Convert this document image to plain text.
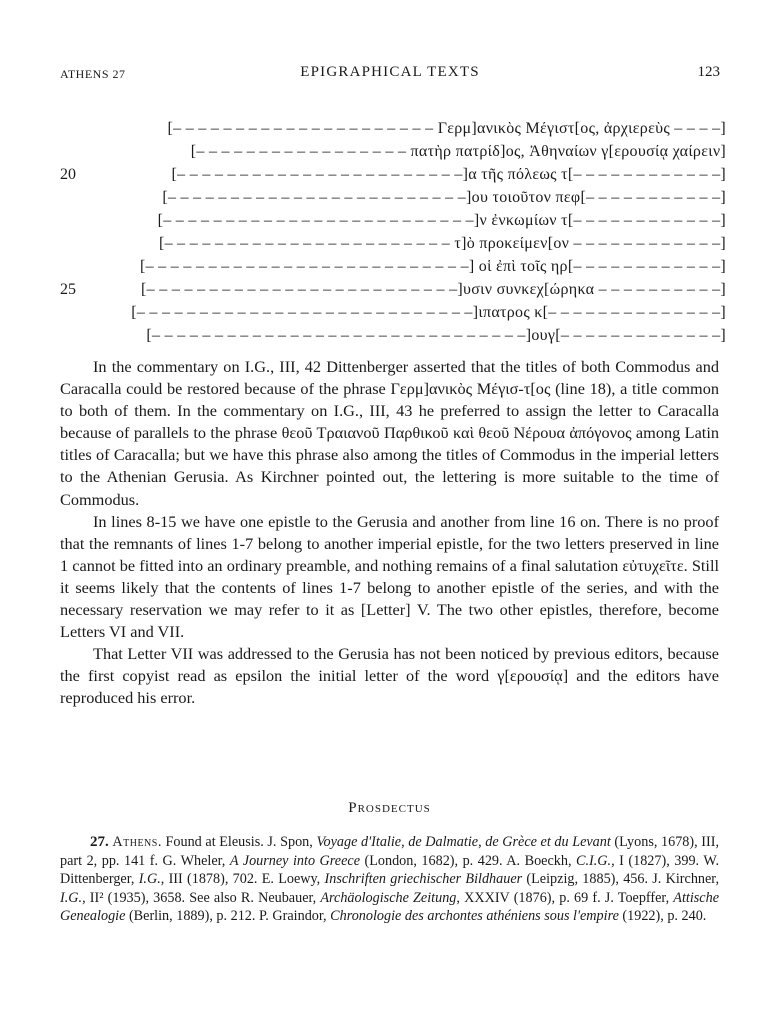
ATHENS 27	EPIGRAPHICAL TEXTS	123
[– – – – – – – – – – – – – – – – – – – – – Γερμ]ανικὸς Μέγιστ[ος, ἀρχιερεὺς – – – –]
[– – – – – – – – – – – – – – – – – πατὴρ πατρίδ]ος, Ἀθηναίων γ[ερουσίᾳ χαίρειν]
20	[– – – – – – – – – – – – – – – – – – – – – – –]α τῆς πόλεως τ[– – – – – – – – – – – –]
[– – – – – – – – – – – – – – – – – – – – – – – –]ου τοιοῦτον πεφ[– – – – – – – – – – –]
[– – – – – – – – – – – – – – – – – – – – – – – – –]ν ἐνκωμίων τ[– – – – – – – – – – – –]
[– – – – – – – – – – – – – – – – – – – – – – – τ]ὸ προκείμεν[ον – – – – – – – – – – – –]
[– – – – – – – – – – – – – – – – – – – – – – – – – –] οἱ ἐπὶ τοῖς ηρ[– – – – – – – – – – – –]
25	[– – – – – – – – – – – – – – – – – – – – – – – – –]υσιν συνκεχ[ώρηκα – – – – – – – – – –]
[– – – – – – – – – – – – – – – – – – – – – – – – – – –]ιπατρος κ[– – – – – – – – – – – – – –]
[– – – – – – – – – – – – – – – – – – – – – – – – – – – – – –]ουγ[– – – – – – – – – – – – –]

In the commentary on I.G., III, 42 Dittenberger asserted that the titles of both Commodus and Caracalla could be restored because of the phrase Γερμ]ανικὸς Μέγισ-τ[ος (line 18), a title common to both of them. In the commentary on I.G., III, 43 he preferred to assign the letter to Caracalla because of parallels to the phrase θεοῦ Τραιανοῦ Παρθικοῦ καὶ θεοῦ Νέρουα ἀπόγονος among Latin titles of Caracalla; but we have this phrase also among the titles of Commodus in the imperial letters to the Athenian Gerusia. As Kirchner pointed out, the lettering is more suitable to the time of Commodus.

In lines 8-15 we have one epistle to the Gerusia and another from line 16 on. There is no proof that the remnants of lines 1-7 belong to another imperial epistle, for the two letters preserved in line 1 cannot be fitted into an ordinary preamble, and nothing remains of a final salutation εὐτυχεῖτε. Still it seems likely that the contents of lines 1-7 belong to another epistle of the series, and with the necessary reservation we may refer to it as [Letter] V. The two other epistles, therefore, become Letters VI and VII.

That Letter VII was addressed to the Gerusia has not been noticed by previous editors, because the first copyist read as epsilon the initial letter of the word γ[ερουσίᾳ] and the editors have reproduced his error.

Prosdectus

27. Athens. Found at Eleusis. J. Spon, Voyage d'Italie, de Dalmatie, de Grèce et du Levant (Lyons, 1678), III, part 2, pp. 141 f. G. Wheler, A Journey into Greece (London, 1682), p. 429. A. Boeckh, C.I.G., I (1827), 399. W. Dittenberger, I.G., III (1878), 702. E. Loewy, Inschriften griechischer Bildhauer (Leipzig, 1885), 456. J. Kirchner, I.G., II² (1935), 3658. See also R. Neubauer, Archäologische Zeitung, XXXIV (1876), p. 69 f. J. Toepffer, Attische Genealogie (Berlin, 1889), p. 212. P. Graindor, Chronologie des archontes athéniens sous l'empire (1922), p. 240.
